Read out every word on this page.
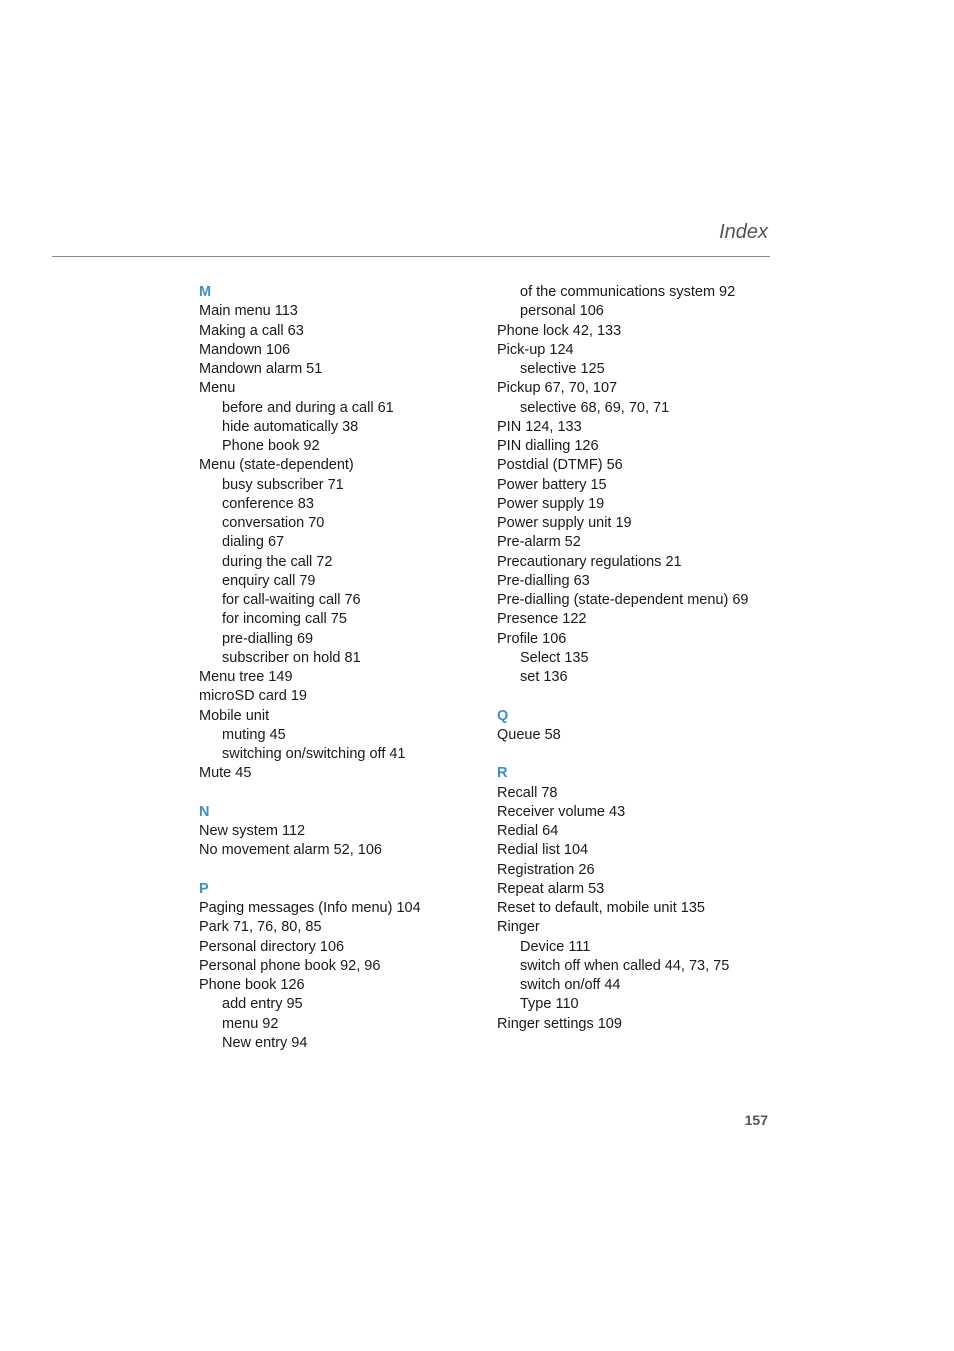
Index
M
Main menu 113
Making a call 63
Mandown 106
Mandown alarm 51
Menu
before and during a call 61
hide automatically 38
Phone book 92
Menu (state-dependent)
busy subscriber 71
conference 83
conversation 70
dialing 67
during the call 72
enquiry call 79
for call-waiting call 76
for incoming call 75
pre-dialling 69
subscriber on hold 81
Menu tree 149
microSD card 19
Mobile unit
muting 45
switching on/switching off 41
Mute 45
N
New system 112
No movement alarm 52, 106
P
Paging messages (Info menu) 104
Park 71, 76, 80, 85
Personal directory 106
Personal phone book 92, 96
Phone book 126
add entry 95
menu 92
New entry 94
of the communications system 92
personal 106
Phone lock 42, 133
Pick-up 124
selective 125
Pickup 67, 70, 107
selective 68, 69, 70, 71
PIN 124, 133
PIN dialling 126
Postdial (DTMF) 56
Power battery 15
Power supply 19
Power supply unit 19
Pre-alarm 52
Precautionary regulations 21
Pre-dialling 63
Pre-dialling (state-dependent menu) 69
Presence 122
Profile 106
Select 135
set 136
Q
Queue 58
R
Recall 78
Receiver volume 43
Redial 64
Redial list 104
Registration 26
Repeat alarm 53
Reset to default, mobile unit 135
Ringer
Device 111
switch off when called 44, 73, 75
switch on/off 44
Type 110
Ringer settings 109
157
